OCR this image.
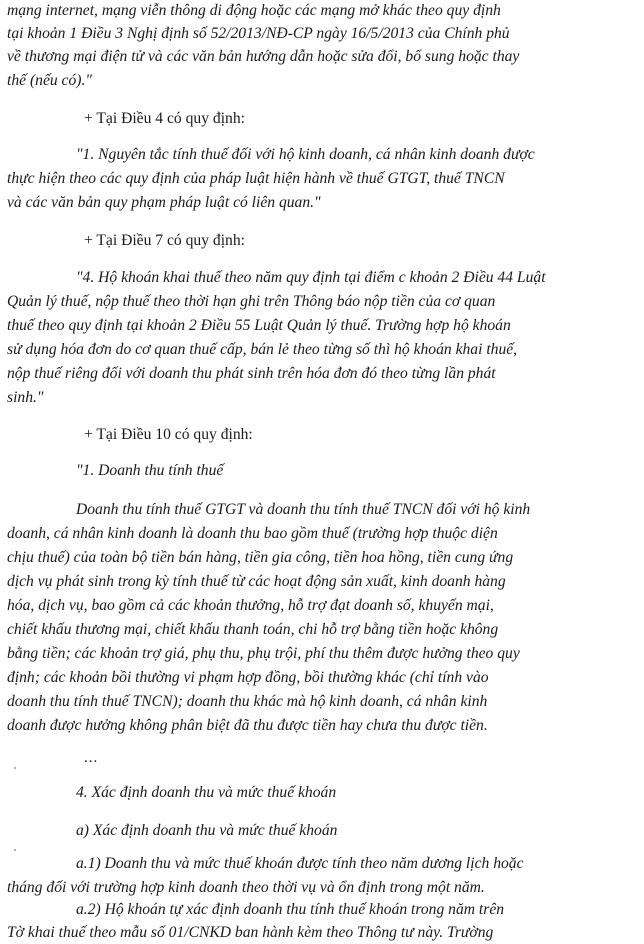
mạng internet, mạng viễn thông di động hoặc các mạng mở khác theo quy định
tại khoản 1 Điều 3 Nghị định số 52/2013/NĐ-CP ngày 16/5/2013 của Chính phủ
về thương mại điện tử và các văn bản hướng dẫn hoặc sửa đổi, bổ sung hoặc thay
thế (nếu có)."
+ Tại Điều 4 có quy định:
"1. Nguyên tắc tính thuế đối với hộ kinh doanh, cá nhân kinh doanh được
thực hiện theo các quy định của pháp luật hiện hành về thuế GTGT, thuế TNCN
và các văn bản quy phạm pháp luật có liên quan."
+ Tại Điều 7 có quy định:
"4. Hộ khoán khai thuế theo năm quy định tại điểm c khoản 2 Điều 44 Luật
Quản lý thuế, nộp thuế theo thời hạn ghi trên Thông báo nộp tiền của cơ quan
thuế theo quy định tại khoản 2 Điều 55 Luật Quản lý thuế. Trường hợp hộ khoán
sử dụng hóa đơn do cơ quan thuế cấp, bán lẻ theo từng số thì hộ khoán khai thuế,
nộp thuế riêng đối với doanh thu phát sinh trên hóa đơn đó theo từng lần phát
sinh."
+ Tại Điều 10 có quy định:
"1. Doanh thu tính thuế
Doanh thu tính thuế GTGT và doanh thu tính thuế TNCN đối với hộ kinh
doanh, cá nhân kinh doanh là doanh thu bao gồm thuế (trường hợp thuộc diện
chịu thuế) của toàn bộ tiền bán hàng, tiền gia công, tiền hoa hồng, tiền cung ứng
dịch vụ phát sinh trong kỳ tính thuế từ các hoạt động sản xuất, kinh doanh hàng
hóa, dịch vụ, bao gồm cả các khoản thưởng, hỗ trợ đạt doanh số, khuyến mại,
chiết khấu thương mại, chiết khấu thanh toán, chi hỗ trợ bằng tiền hoặc không
bằng tiền; các khoản trợ giá, phụ thu, phụ trội, phí thu thêm được hưởng theo quy
định; các khoản bồi thường vi phạm hợp đồng, bồi thường khác (chỉ tính vào
doanh thu tính thuế TNCN); doanh thu khác mà hộ kinh doanh, cá nhân kinh
doanh được hưởng không phân biệt đã thu được tiền hay chưa thu được tiền.
...
4. Xác định doanh thu và mức thuế khoán
a) Xác định doanh thu và mức thuế khoán
a.1) Doanh thu và mức thuế khoán được tính theo năm dương lịch hoặc
tháng đối với trường hợp kinh doanh theo thời vụ và ổn định trong một năm.
a.2) Hộ khoán tự xác định doanh thu tính thuế khoán trong năm trên
Tờ khai thuế theo mẫu số 01/CNKD ban hành kèm theo Thông tư này. Trường
